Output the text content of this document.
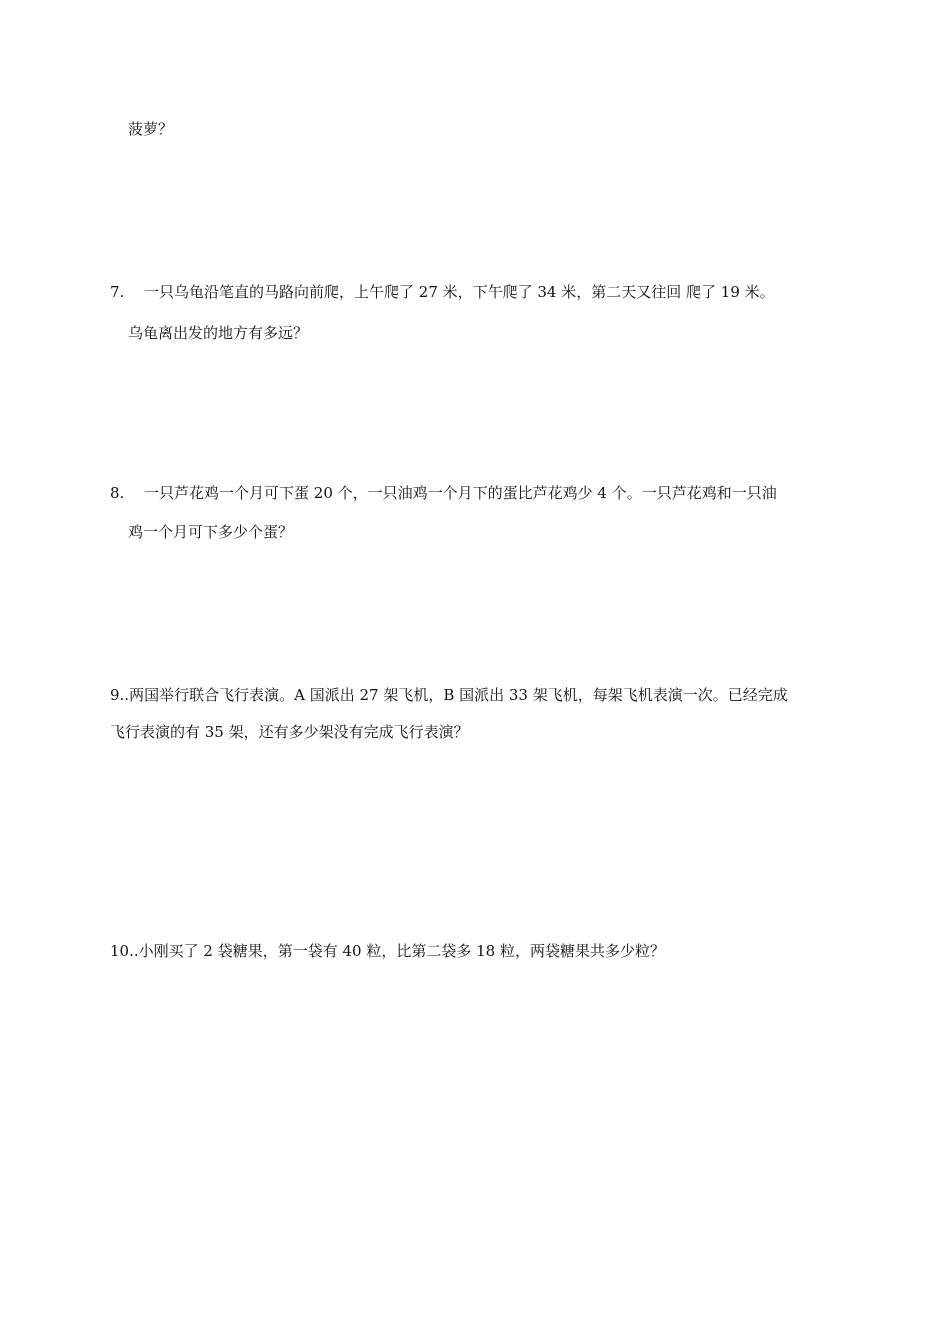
菠萝？
7. 一只乌龟沿笔直的马路向前爬，上午爬了 27 米，下午爬了 34 米，第二天又往回 爬了 19 米。
乌龟离出发的地方有多远？
8. 一只芦花鸡一个月可下蛋 20 个，一只油鸡一个月下的蛋比芦花鸡少 4 个。一只芦花鸡和一只油
鸡一个月可下多少个蛋？
9..两国举行联合飞行表演。A 国派出 27 架飞机，B 国派出 33 架飞机，每架飞机表演一次。已经完成
飞行表演的有 35 架，还有多少架没有完成飞行表演？
10..小刚买了 2 袋糖果，第一袋有 40 粒，比第二袋多 18 粒，两袋糖果共多少粒？
